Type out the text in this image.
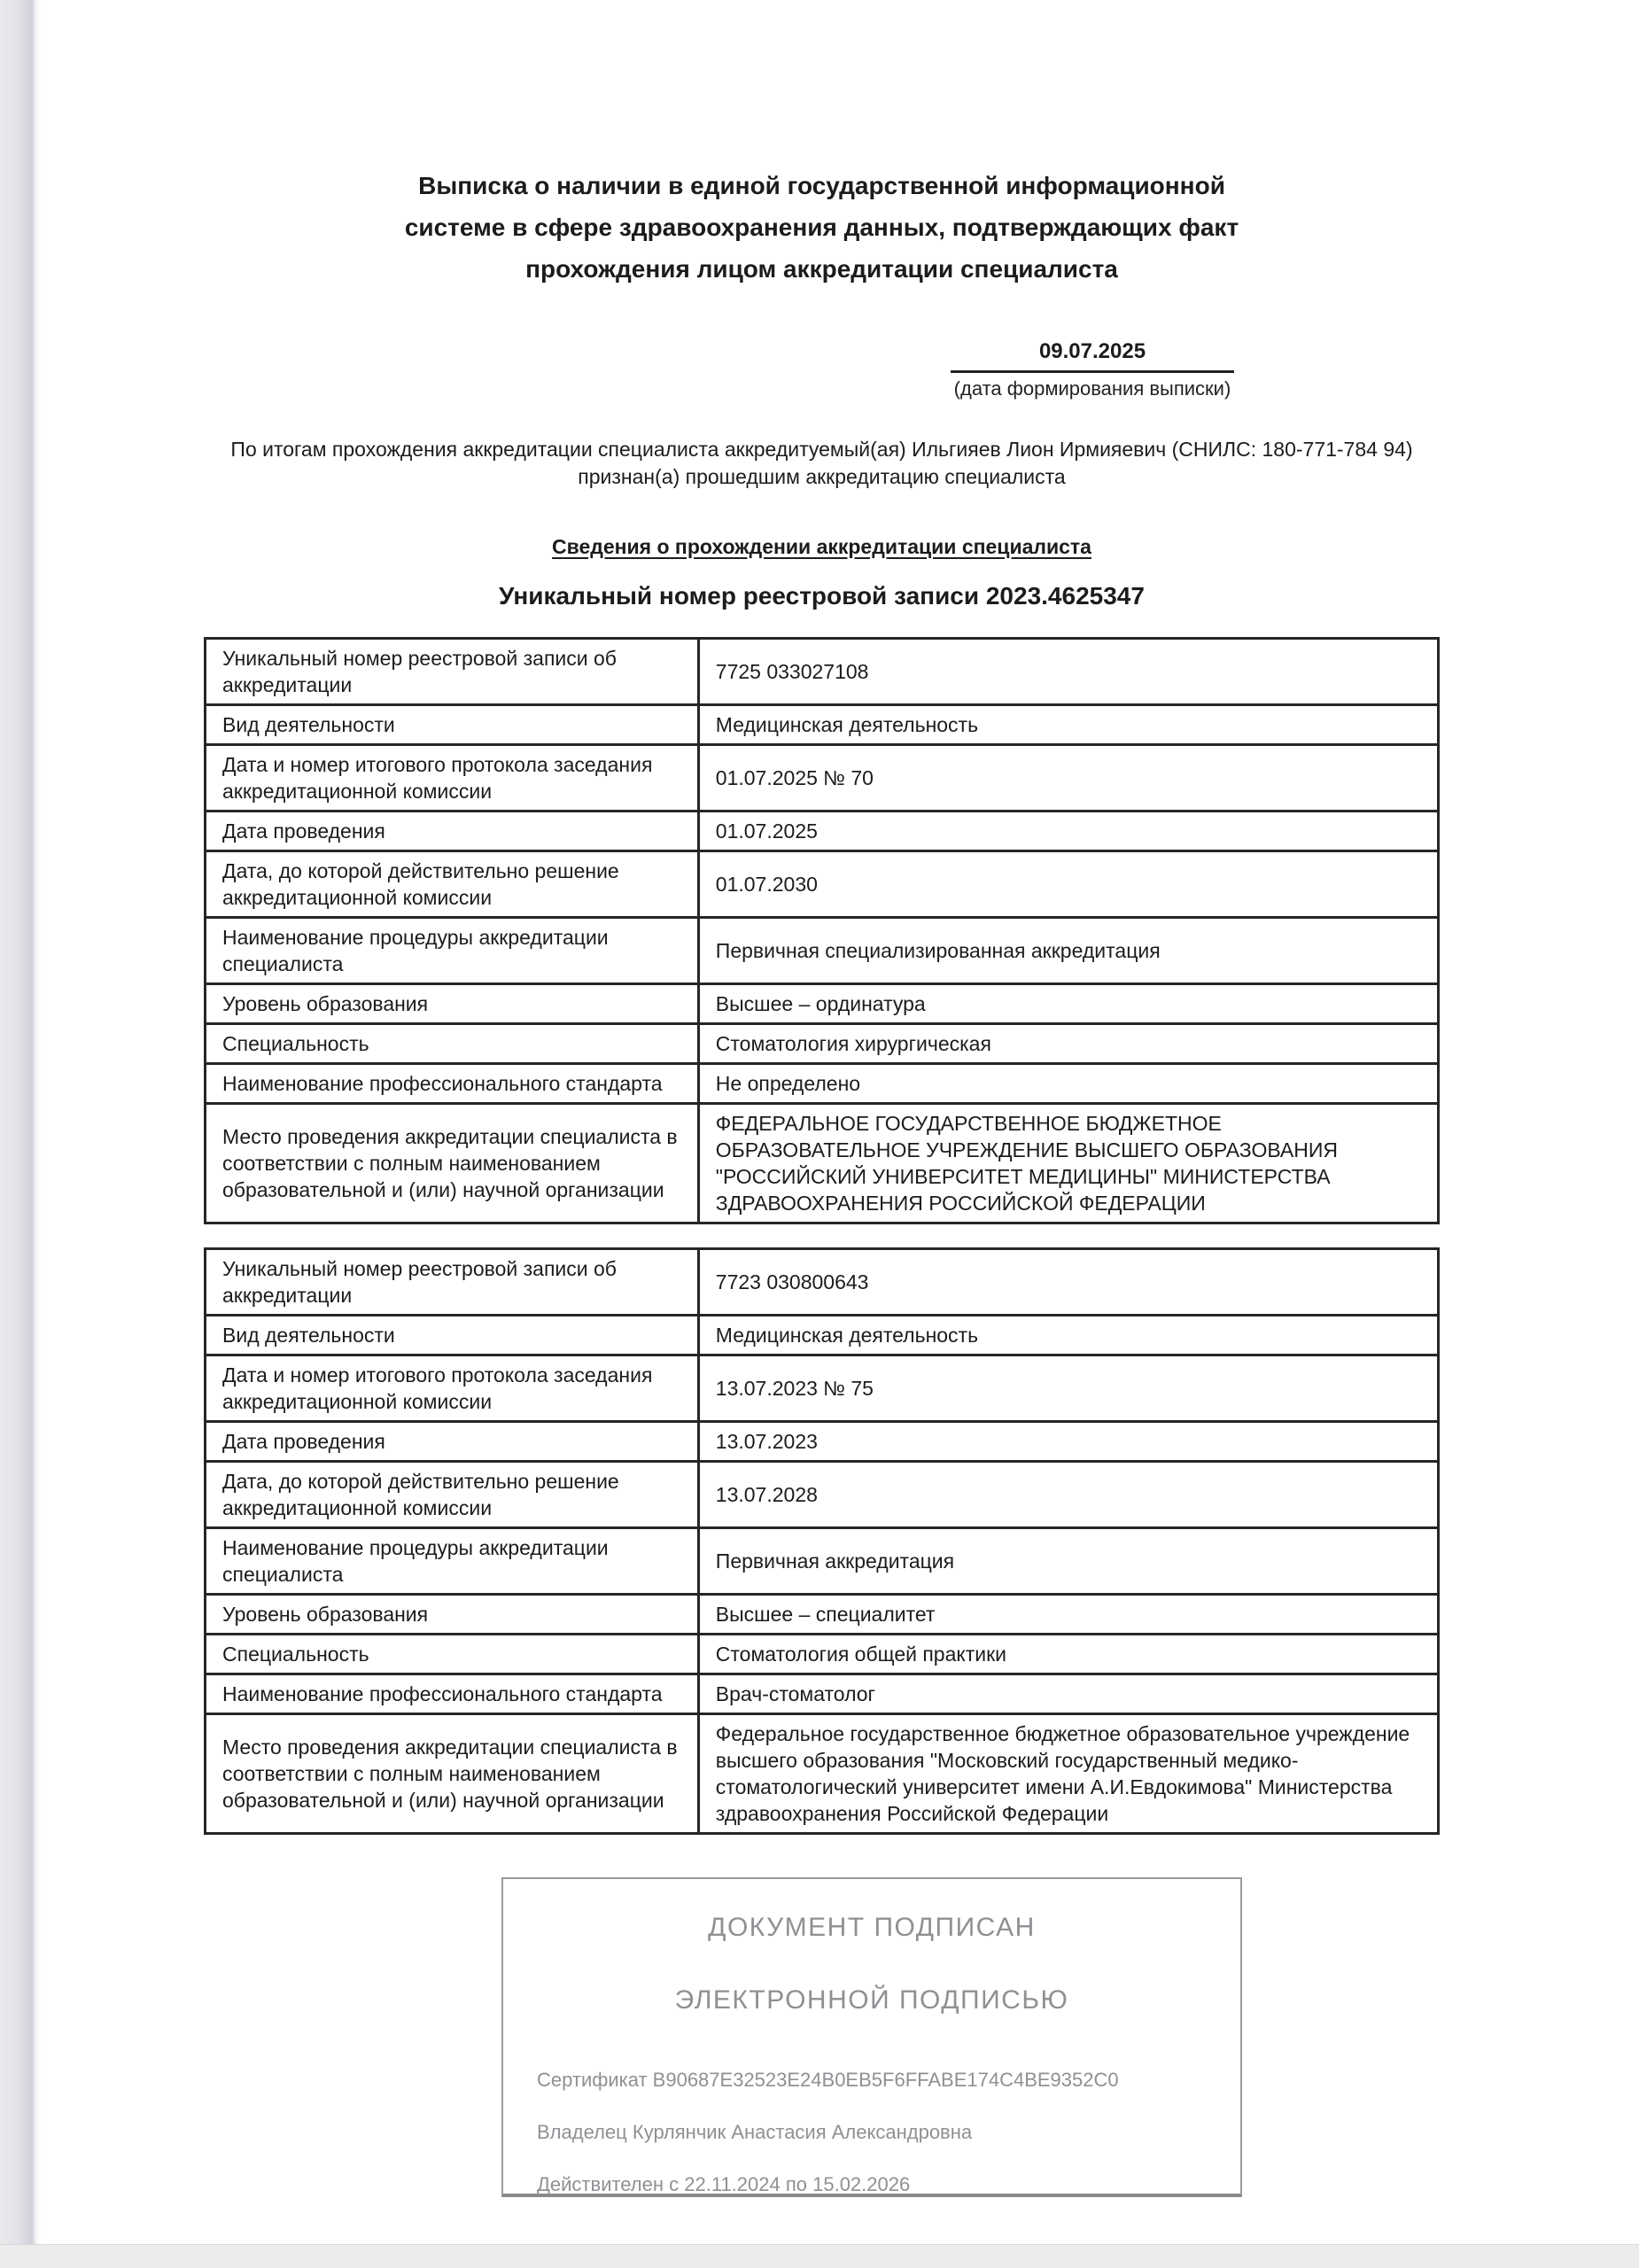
Выписка о наличии в единой государственной информационной
системе в сфере здравоохранения данных, подтверждающих факт
прохождения лицом аккредитации специалиста
09.07.2025
(дата формирования выписки)
По итогам прохождения аккредитации специалиста аккредитуемый(ая) Ильгияев Лион Ирмияевич (СНИЛС: 180-771-784 94)
признан(а) прошедшим аккредитацию специалиста
Сведения о прохождении аккредитации специалиста
Уникальный номер реестровой записи 2023.4625347
Уникальный номер реестровой записи об аккредитации	7725 033027108
Вид деятельности	Медицинская деятельность
Дата и номер итогового протокола заседания аккредитационной комиссии	01.07.2025 № 70
Дата проведения	01.07.2025
Дата, до которой действительно решение аккредитационной комиссии	01.07.2030
Наименование процедуры аккредитации специалиста	Первичная специализированная аккредитация
Уровень образования	Высшее – ординатура
Специальность	Стоматология хирургическая
Наименование профессионального стандарта	Не определено
Место проведения аккредитации специалиста в соответствии с полным наименованием образовательной и (или) научной организации	ФЕДЕРАЛЬНОЕ ГОСУДАРСТВЕННОЕ БЮДЖЕТНОЕ ОБРАЗОВАТЕЛЬНОЕ УЧРЕЖДЕНИЕ ВЫСШЕГО ОБРАЗОВАНИЯ "РОССИЙСКИЙ УНИВЕРСИТЕТ МЕДИЦИНЫ" МИНИСТЕРСТВА ЗДРАВООХРАНЕНИЯ РОССИЙСКОЙ ФЕДЕРАЦИИ
Уникальный номер реестровой записи об аккредитации	7723 030800643
Вид деятельности	Медицинская деятельность
Дата и номер итогового протокола заседания аккредитационной комиссии	13.07.2023 № 75
Дата проведения	13.07.2023
Дата, до которой действительно решение аккредитационной комиссии	13.07.2028
Наименование процедуры аккредитации специалиста	Первичная аккредитация
Уровень образования	Высшее – специалитет
Специальность	Стоматология общей практики
Наименование профессионального стандарта	Врач-стоматолог
Место проведения аккредитации специалиста в соответствии с полным наименованием образовательной и (или) научной организации	Федеральное государственное бюджетное образовательное учреждение высшего образования "Московский государственный медико-стоматологический университет имени А.И.Евдокимова" Министерства здравоохранения Российской Федерации
ДОКУМЕНТ ПОДПИСАН
ЭЛЕКТРОННОЙ ПОДПИСЬЮ
Сертификат B90687E32523E24B0EB5F6FFABE174C4BE9352C0
Владелец Курлянчик Анастасия Александровна
Действителен с 22.11.2024 по 15.02.2026
